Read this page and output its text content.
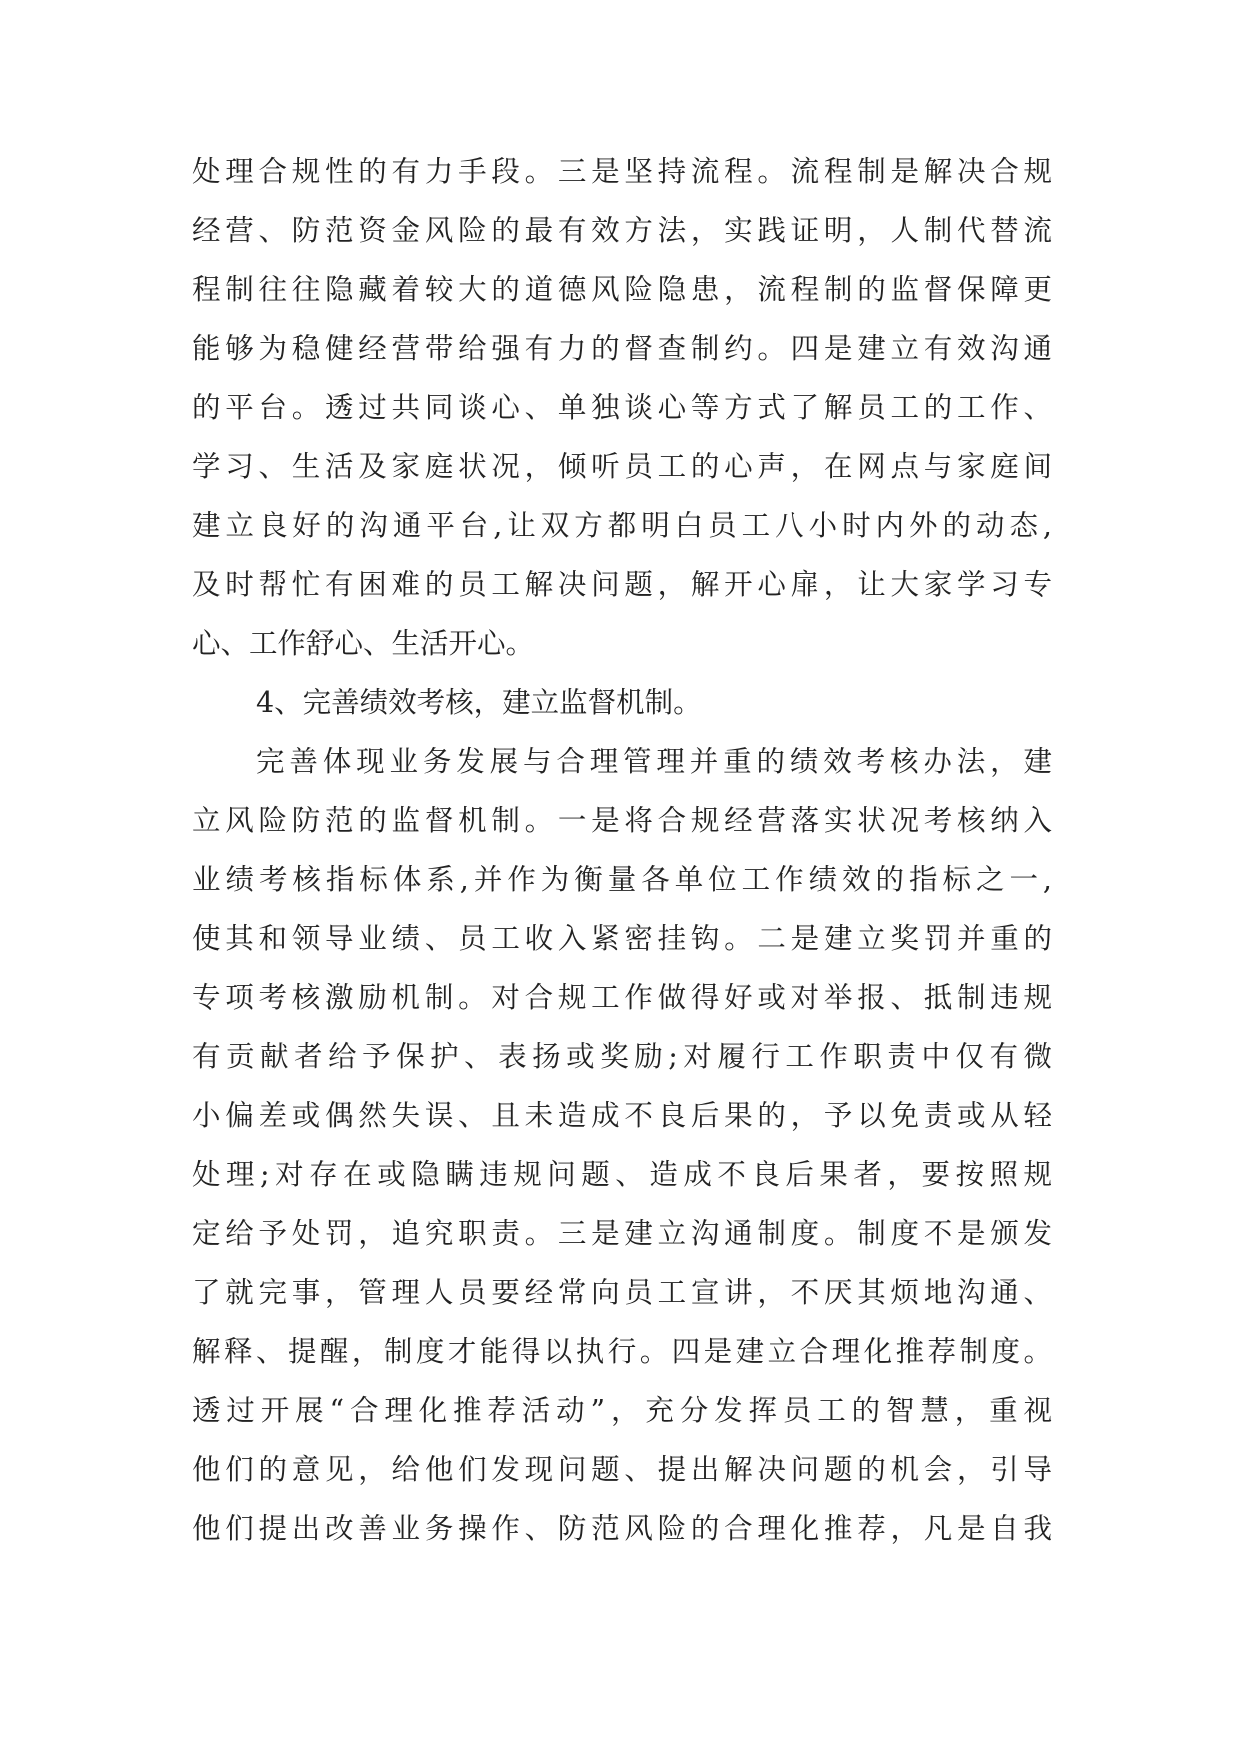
处理合规性的有力手段。三是坚持流程。流程制是解决合规
经营、防范资金风险的最有效方法，实践证明，人制代替流
程制往往隐藏着较大的道德风险隐患，流程制的监督保障更
能够为稳健经营带给强有力的督查制约。四是建立有效沟通
的平台。透过共同谈心、单独谈心等方式了解员工的工作、
学习、生活及家庭状况，倾听员工的心声，在网点与家庭间
建立良好的沟通平台,让双方都明白员工八小时内外的动态,
及时帮忙有困难的员工解决问题，解开心扉，让大家学习专
心、工作舒心、生活开心。
4、完善绩效考核，建立监督机制。
完善体现业务发展与合理管理并重的绩效考核办法，建
立风险防范的监督机制。一是将合规经营落实状况考核纳入
业绩考核指标体系,并作为衡量各单位工作绩效的指标之一,
使其和领导业绩、员工收入紧密挂钩。二是建立奖罚并重的
专项考核激励机制。对合规工作做得好或对举报、抵制违规
有贡献者给予保护、表扬或奖励;对履行工作职责中仅有微
小偏差或偶然失误、且未造成不良后果的，予以免责或从轻
处理;对存在或隐瞒违规问题、造成不良后果者，要按照规
定给予处罚，追究职责。三是建立沟通制度。制度不是颁发
了就完事，管理人员要经常向员工宣讲，不厌其烦地沟通、
解释、提醒，制度才能得以执行。四是建立合理化推荐制度。
透过开展“合理化推荐活动”，充分发挥员工的智慧，重视
他们的意见，给他们发现问题、提出解决问题的机会，引导
他们提出改善业务操作、防范风险的合理化推荐，凡是自我
